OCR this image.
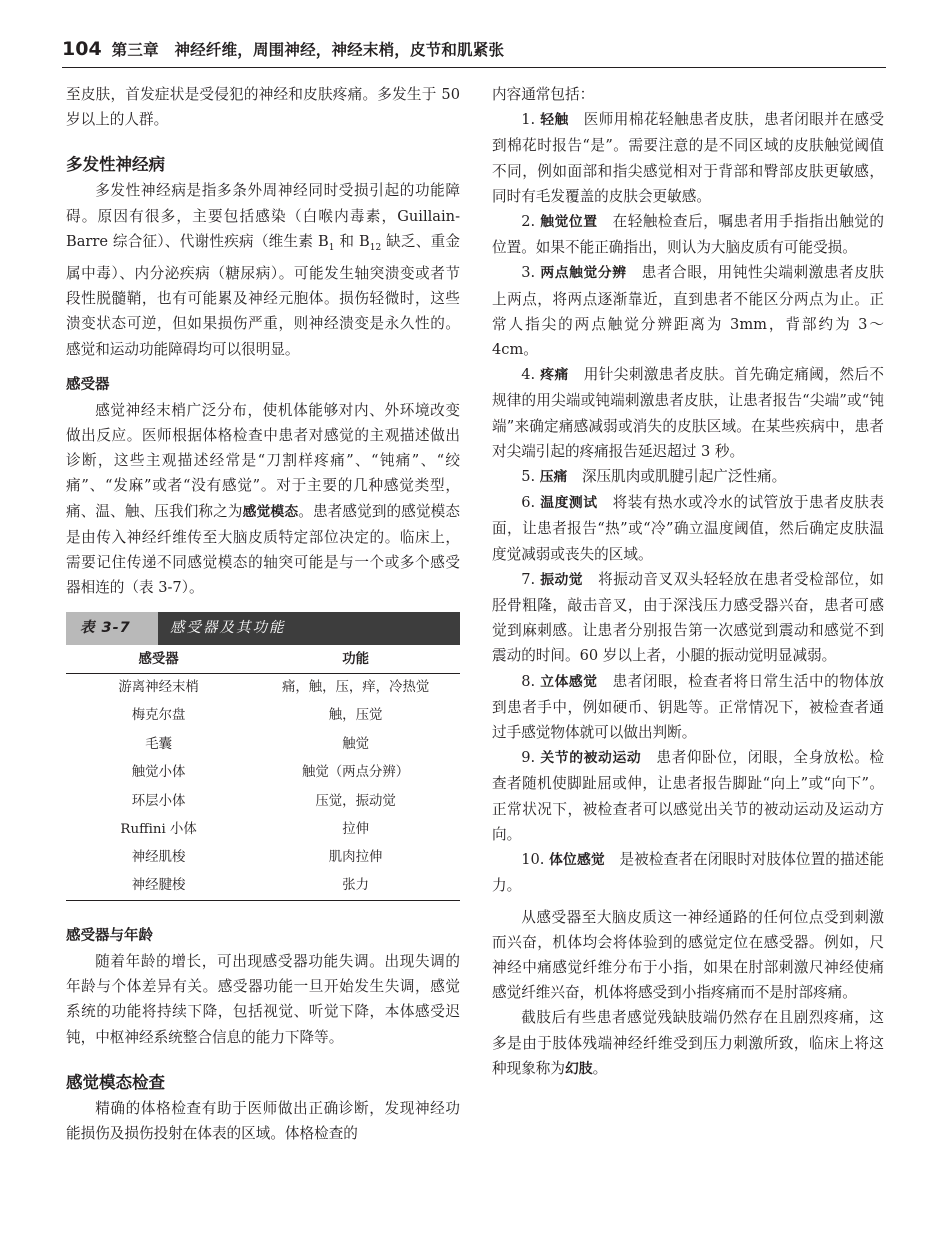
104 第三章　神经纤维，周围神经，神经末梢，皮节和肌紧张

至皮肤，首发症状是受侵犯的神经和皮肤疼痛。多发生于 50 岁以上的人群。

多发性神经病

多发性神经病是指多条外周神经同时受损引起的功能障碍。原因有很多，主要包括感染（白喉内毒素，Guillain-Barre 综合征）、代谢性疾病（维生素 $B_1$ 和 $B_{12}$ 缺乏、重金属中毒）、内分泌疾病（糖尿病）。可能发生轴突溃变或者节段性脱髓鞘，也有可能累及神经元胞体。损伤轻微时，这些溃变状态可逆，但如果损伤严重，则神经溃变是永久性的。感觉和运动功能障碍均可以很明显。

感受器

感觉神经末梢广泛分布，使机体能够对内、外环境改变做出反应。医师根据体格检查中患者对感觉的主观描述做出诊断，这些主观描述经常是“刀割样疼痛”、“钝痛”、“绞痛”、“发麻”或者“没有感觉”。对于主要的几种感觉类型，痛、温、触、压我们称之为感觉模态。患者感觉到的感觉模态是由传入神经纤维传至大脑皮质特定部位决定的。临床上，需要记住传递不同感觉模态的轴突可能是与一个或多个感受器相连的（表 3-7）。

表 3-7	感受器及其功能
感受器	功能
游离神经末梢	痛，触，压，痒，冷热觉
梅克尔盘	触，压觉
毛囊	触觉
触觉小体	触觉（两点分辨）
环层小体	压觉，振动觉
Ruffini 小体	拉伸
神经肌梭	肌肉拉伸
神经腱梭	张力
感受器与年龄

随着年龄的增长，可出现感受器功能失调。出现失调的年龄与个体差异有关。感受器功能一旦开始发生失调，感觉系统的功能将持续下降，包括视觉、听觉下降，本体感受迟钝，中枢神经系统整合信息的能力下降等。

感觉模态检查

精确的体格检查有助于医师做出正确诊断，发现神经功能损伤及损伤投射在体表的区域。体格检查的

内容通常包括：

1. 轻触　医师用棉花轻触患者皮肤，患者闭眼并在感受到棉花时报告“是”。需要注意的是不同区域的皮肤触觉阈值不同，例如面部和指尖感觉相对于背部和臀部皮肤更敏感，同时有毛发覆盖的皮肤会更敏感。

2. 触觉位置　在轻触检查后，嘱患者用手指指出触觉的位置。如果不能正确指出，则认为大脑皮质有可能受损。

3. 两点触觉分辨　患者合眼，用钝性尖端刺激患者皮肤上两点，将两点逐渐靠近，直到患者不能区分两点为止。正常人指尖的两点触觉分辨距离为 3mm，背部约为 3～4cm。

4. 疼痛　用针尖刺激患者皮肤。首先确定痛阈，然后不规律的用尖端或钝端刺激患者皮肤，让患者报告“尖端”或“钝端”来确定痛感减弱或消失的皮肤区域。在某些疾病中，患者对尖端引起的疼痛报告延迟超过 3 秒。

5. 压痛　深压肌肉或肌腱引起广泛性痛。

6. 温度测试　将装有热水或冷水的试管放于患者皮肤表面，让患者报告“热”或“冷”确立温度阈值，然后确定皮肤温度觉减弱或丧失的区域。

7. 振动觉　将振动音叉双头轻轻放在患者受检部位，如胫骨粗隆，敲击音叉，由于深浅压力感受器兴奋，患者可感觉到麻刺感。让患者分别报告第一次感觉到震动和感觉不到震动的时间。60 岁以上者，小腿的振动觉明显减弱。

8. 立体感觉　患者闭眼，检查者将日常生活中的物体放到患者手中，例如硬币、钥匙等。正常情况下，被检查者通过手感觉物体就可以做出判断。

9. 关节的被动运动　患者仰卧位，闭眼，全身放松。检查者随机使脚趾屈或伸，让患者报告脚趾“向上”或“向下”。正常状况下，被检查者可以感觉出关节的被动运动及运动方向。

10. 体位感觉　是被检查者在闭眼时对肢体位置的描述能力。

从感受器至大脑皮质这一神经通路的任何位点受到刺激而兴奋，机体均会将体验到的感觉定位在感受器。例如，尺神经中痛感觉纤维分布于小指，如果在肘部刺激尺神经使痛感觉纤维兴奋，机体将感受到小指疼痛而不是肘部疼痛。

截肢后有些患者感觉残缺肢端仍然存在且剧烈疼痛，这多是由于肢体残端神经纤维受到压力刺激所致，临床上将这种现象称为幻肢。
